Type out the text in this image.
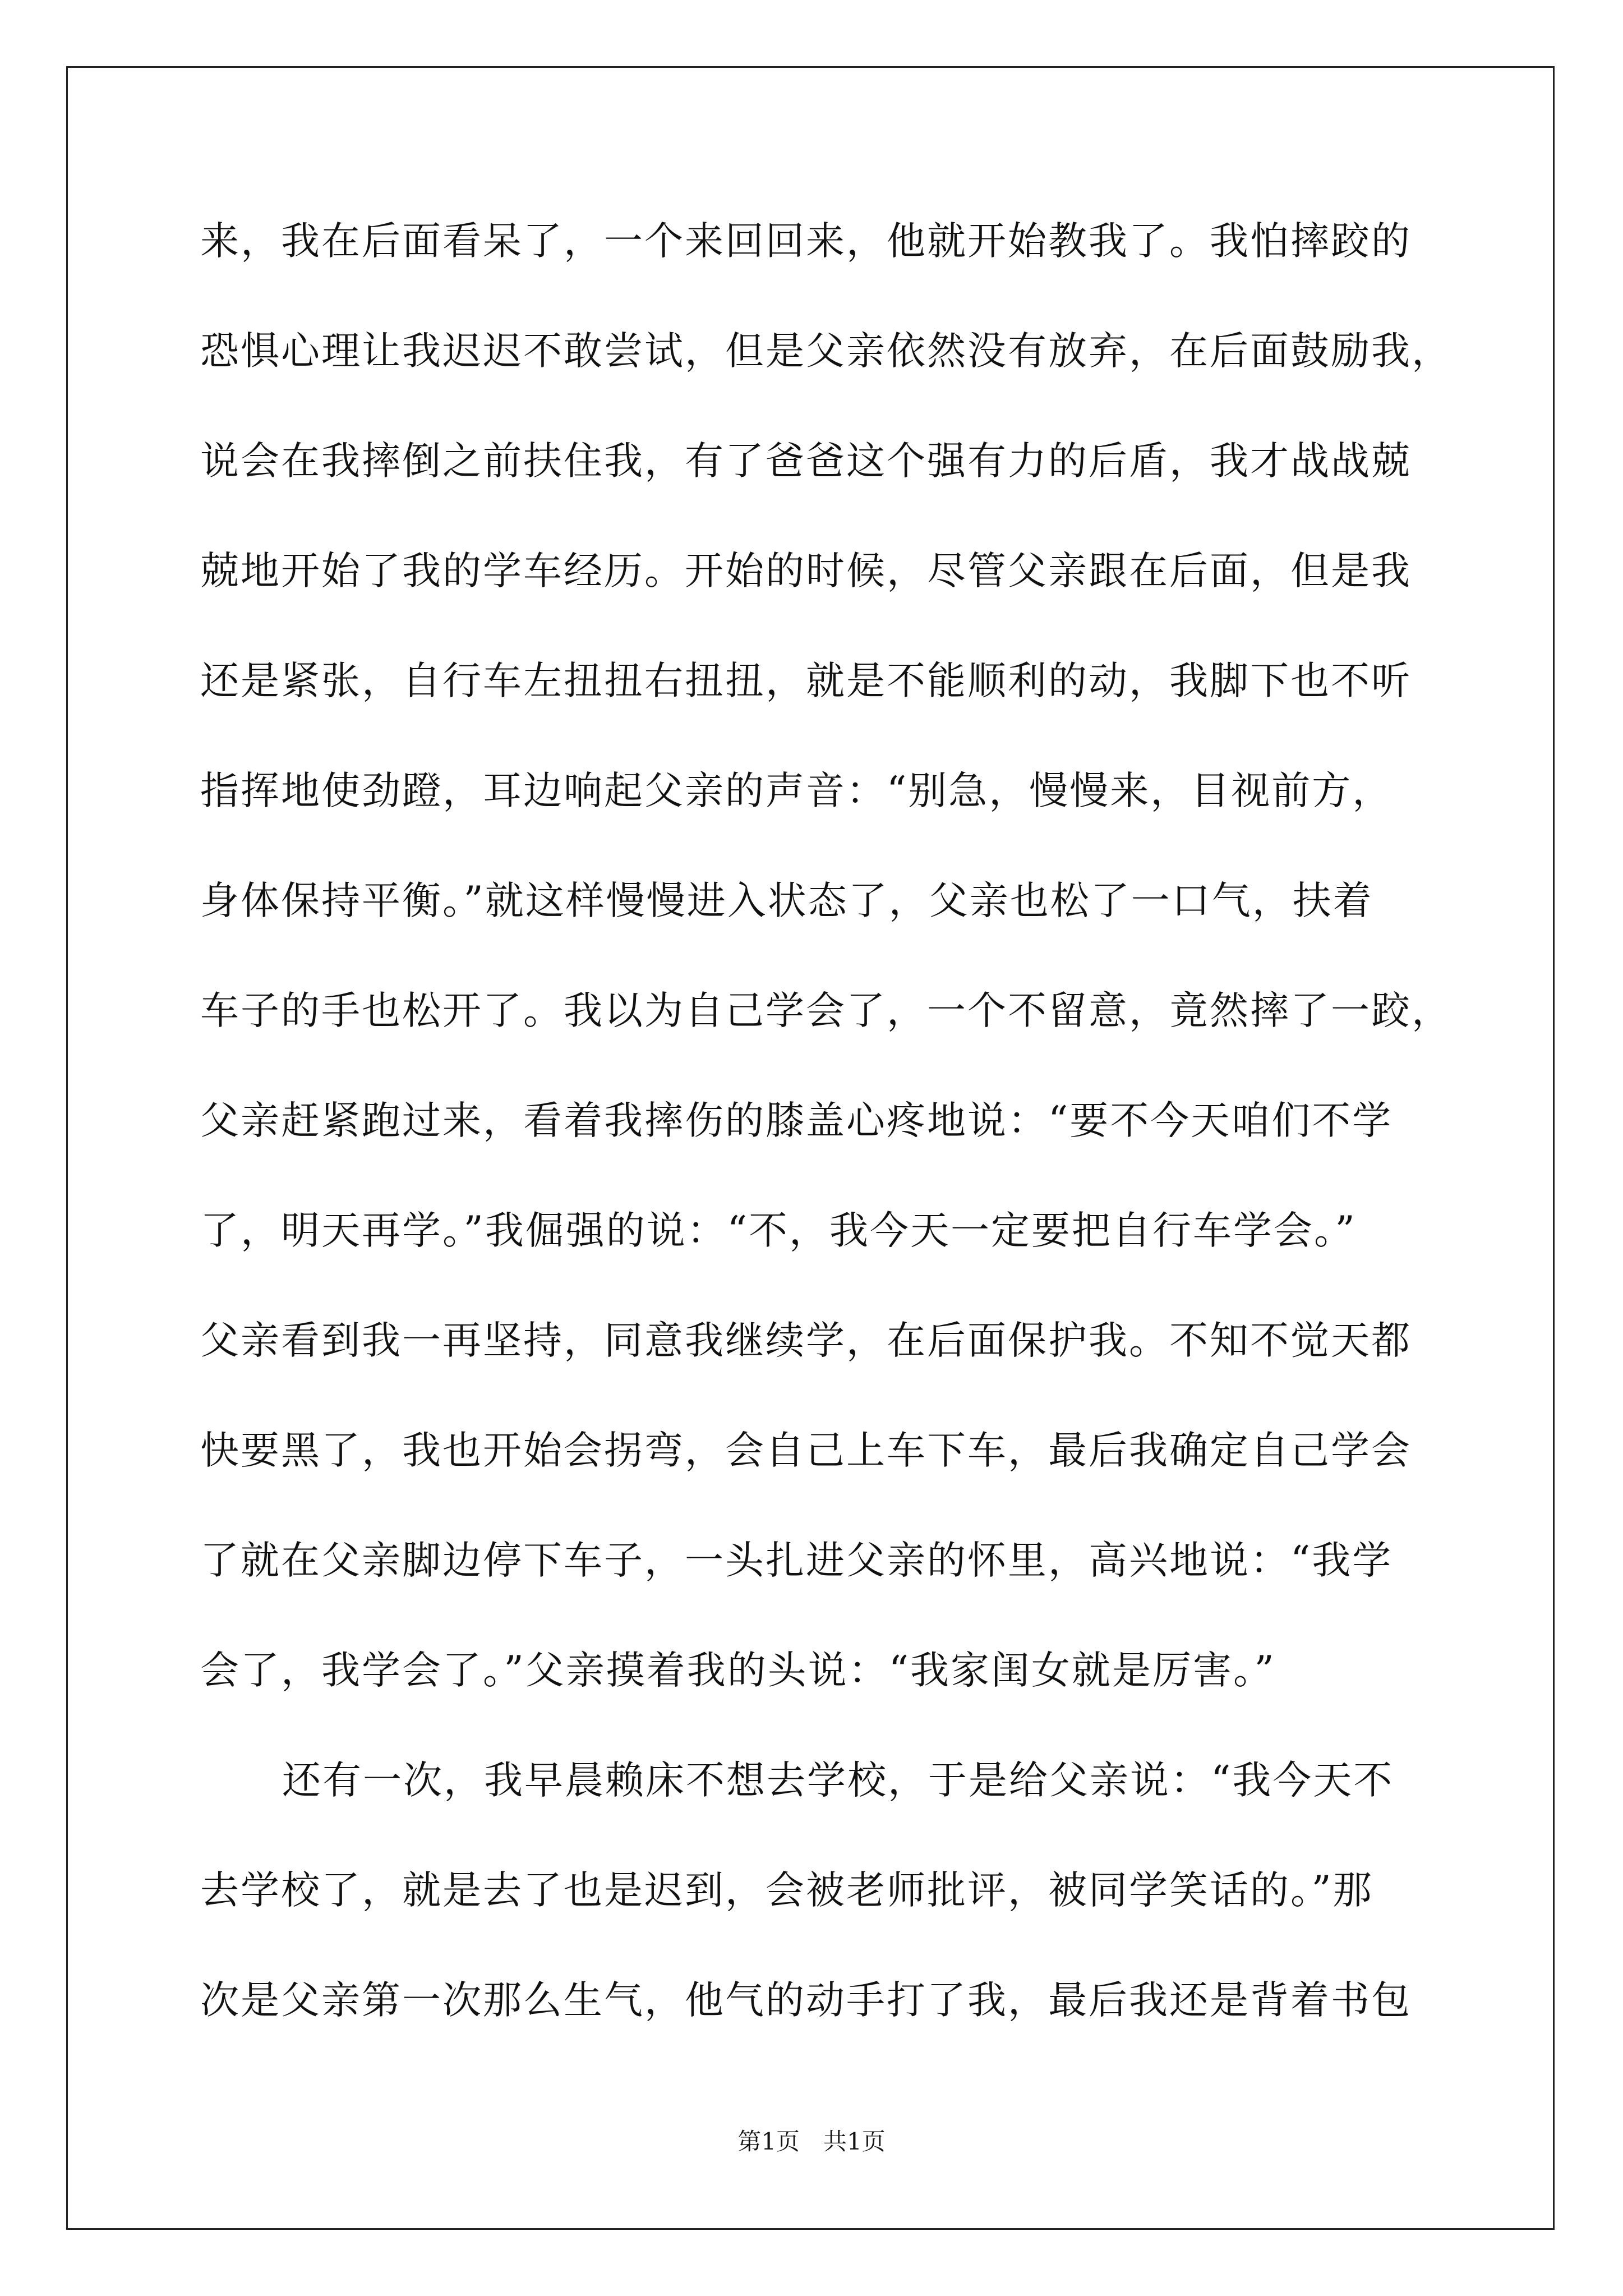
来，我在后面看呆了，一个来回回来，他就开始教我了。我怕摔跤的
恐惧心理让我迟迟不敢尝试，但是父亲依然没有放弃，在后面鼓励我，
说会在我摔倒之前扶住我，有了爸爸这个强有力的后盾，我才战战兢
兢地开始了我的学车经历。开始的时候，尽管父亲跟在后面，但是我
还是紧张，自行车左扭扭右扭扭，就是不能顺利的动，我脚下也不听
指挥地使劲蹬，耳边响起父亲的声音：“别急，慢慢来，目视前方，
身体保持平衡。”就这样慢慢进入状态了，父亲也松了一口气，扶着
车子的手也松开了。我以为自己学会了，一个不留意，竟然摔了一跤，
父亲赶紧跑过来，看着我摔伤的膝盖心疼地说：“要不今天咱们不学
了，明天再学。”我倔强的说：“不，我今天一定要把自行车学会。”
父亲看到我一再坚持，同意我继续学，在后面保护我。不知不觉天都
快要黑了，我也开始会拐弯，会自己上车下车，最后我确定自己学会
了就在父亲脚边停下车子，一头扎进父亲的怀里，高兴地说：“我学
会了，我学会了。”父亲摸着我的头说：“我家闺女就是厉害。”
还有一次，我早晨赖床不想去学校，于是给父亲说：“我今天不
去学校了，就是去了也是迟到，会被老师批评，被同学笑话的。”那
次是父亲第一次那么生气，他气的动手打了我，最后我还是背着书包
第1页　共1页
